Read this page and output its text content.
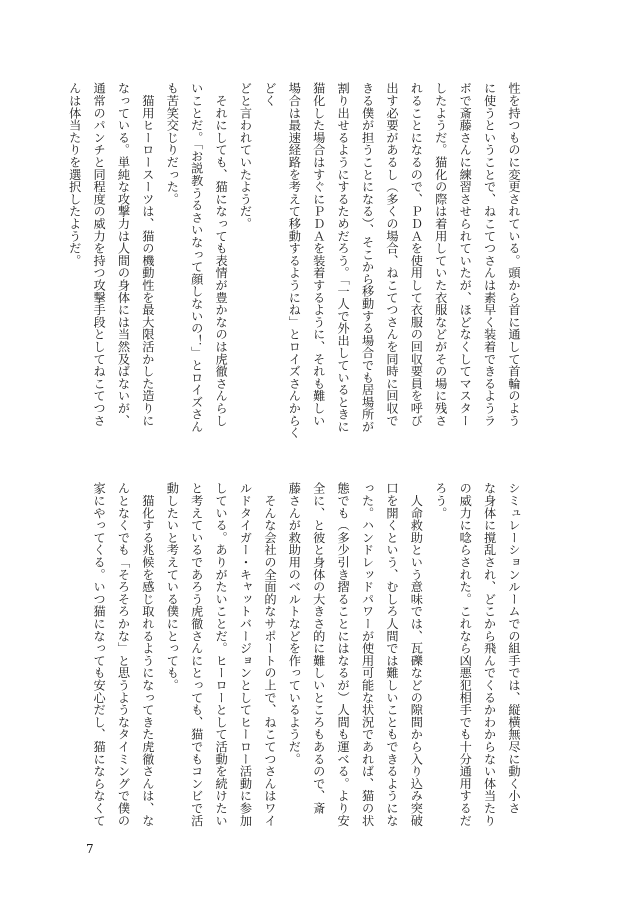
性を持つものに変更されている。頭から首に通して首輪のよう
に使うということで、ねこてつさんは素早く装着できるようラ
ボで斎藤さんに練習させられていたが、ほどなくしてマスター
したようだ。猫化の際は着用していた衣服などがその場に残さ
れることになるので、ＰＤＡを使用して衣服の回収要員を呼び
出す必要があるし（多くの場合、ねこてつさんを同時に回収で
きる僕が担うことになる）、そこから移動する場合でも居場所が
割り出せるようにするためだろう。「一人で外出しているときに
猫化した場合はすぐにＰＤＡを装着するように、それも難しい
場合は最速経路を考えて移動するようにね」とロイズさんからくどく
どと言われていたようだ。
　それにしても、猫になっても表情が豊かなのは虎徹さんらし
いことだ。「お説教うるさいなって顔しないの！」とロイズさん
も苦笑交じりだった。
　猫用ヒーロースーツは、猫の機動性を最大限活かした造りに
なっている。単純な攻撃力は人間の身体には当然及ばないが、
通常のパンチと同程度の威力を持つ攻撃手段としてねこてつさ
んは体当たりを選択したようだ。

シミュレーションルームでの組手では、縦横無尽に動く小さ
な身体に撹乱され、どこから飛んでくるかわからない体当たり
の威力に唸らされた。これなら凶悪犯相手でも十分通用するだ
ろう。
　人命救助という意味では、瓦礫などの隙間から入り込み突破
口を開くという、むしろ人間では難しいこともできるようにな
った。ハンドレッドパワーが使用可能な状況であれば、猫の状
態でも（多少引き摺ることにはなるが）人間も運べる。より安
全に、と彼と身体の大きさ的に難しいところもあるので、斎
藤さんが救助用のベルトなどを作っているようだ。
　そんな会社の全面的なサポートの上で、ねこてつさんはワイ
ルドタイガー・キャットバージョンとしてヒーロー活動に参加
している。ありがたいことだ。ヒーローとして活動を続けたい
と考えているであろう虎徹さんにとっても、猫でもコンビで活
動したいと考えている僕にとっても。
　猫化する兆候を感じ取れるようになってきた虎徹さんは、な
んとなくでも「そろそろかな」と思うようなタイミングで僕の
家にやってくる。いつ猫になっても安心だし、猫にならなくて

7
